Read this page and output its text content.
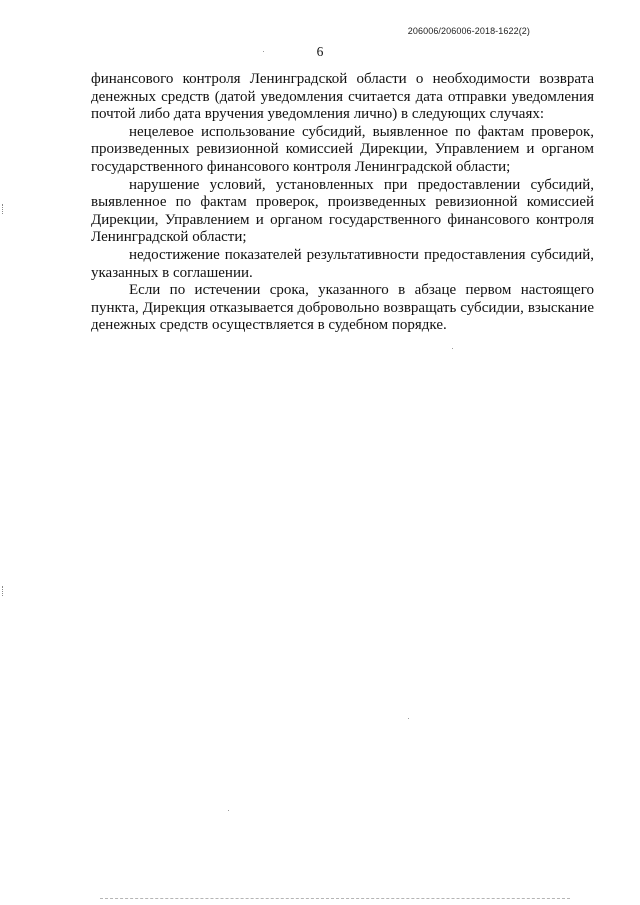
206006/206006-2018-1622(2)
6

финансового контроля Ленинградской области о необходимости возврата денежных средств (датой уведомления считается дата отправки уведомления почтой либо дата вручения уведомления лично) в следующих случаях:

нецелевое использование субсидий, выявленное по фактам проверок, произведенных ревизионной комиссией Дирекции, Управлением и органом государственного финансового контроля Ленинградской области;

нарушение условий, установленных при предоставлении субсидий, выявленное по фактам проверок, произведенных ревизионной комиссией Дирекции, Управлением и органом государственного финансового контроля Ленинградской области;

недостижение показателей результативности предоставления субсидий, указанных в соглашении.

Если по истечении срока, указанного в абзаце первом настоящего пункта, Дирекция отказывается добровольно возвращать субсидии, взыскание денежных средств осуществляется в судебном порядке.
